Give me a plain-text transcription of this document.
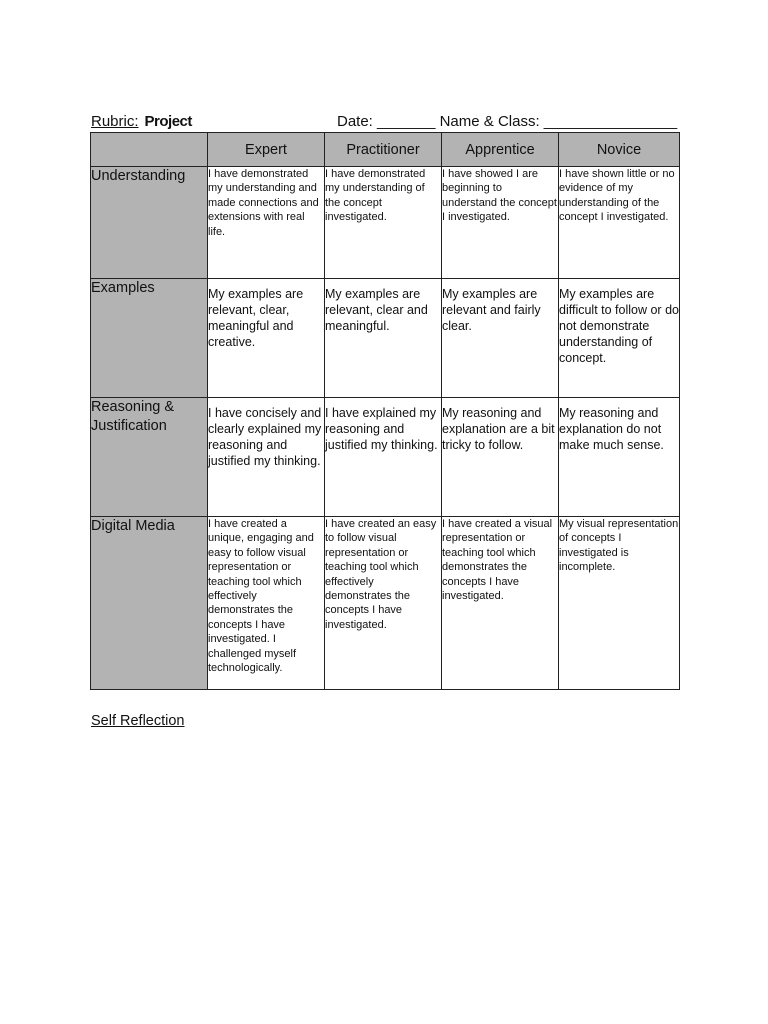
Rubric: Project	Date: _______ Name & Class: ________________
	Expert	Practitioner	Apprentice	Novice
Understanding	I have demonstrated my understanding and made connections and extensions with real life.	I have demonstrated my understanding of the concept investigated.	I have showed I are beginning to understand the concept I investigated.	I have shown little or no evidence of my understanding of the concept I investigated.
Examples	My examples are relevant, clear, meaningful and creative.	My examples are relevant, clear and meaningful.	My examples are relevant and fairly clear.	My examples are difficult to follow or do not demonstrate understanding of concept.
Reasoning & Justification	I have concisely and clearly explained my reasoning and justified my thinking.	I have explained my reasoning and justified my thinking.	My reasoning and explanation are a bit tricky to follow.	My reasoning and explanation do not make much sense.
Digital Media	I have created a unique, engaging and easy to follow visual representation or teaching tool which effectively demonstrates the concepts I have investigated. I challenged myself technologically.	I have created an easy to follow visual representation or teaching tool which effectively demonstrates the concepts I have investigated.	I have created a visual representation or teaching tool which demonstrates the concepts I have investigated.	My visual representation of concepts I investigated is incomplete.
Self Reflection
